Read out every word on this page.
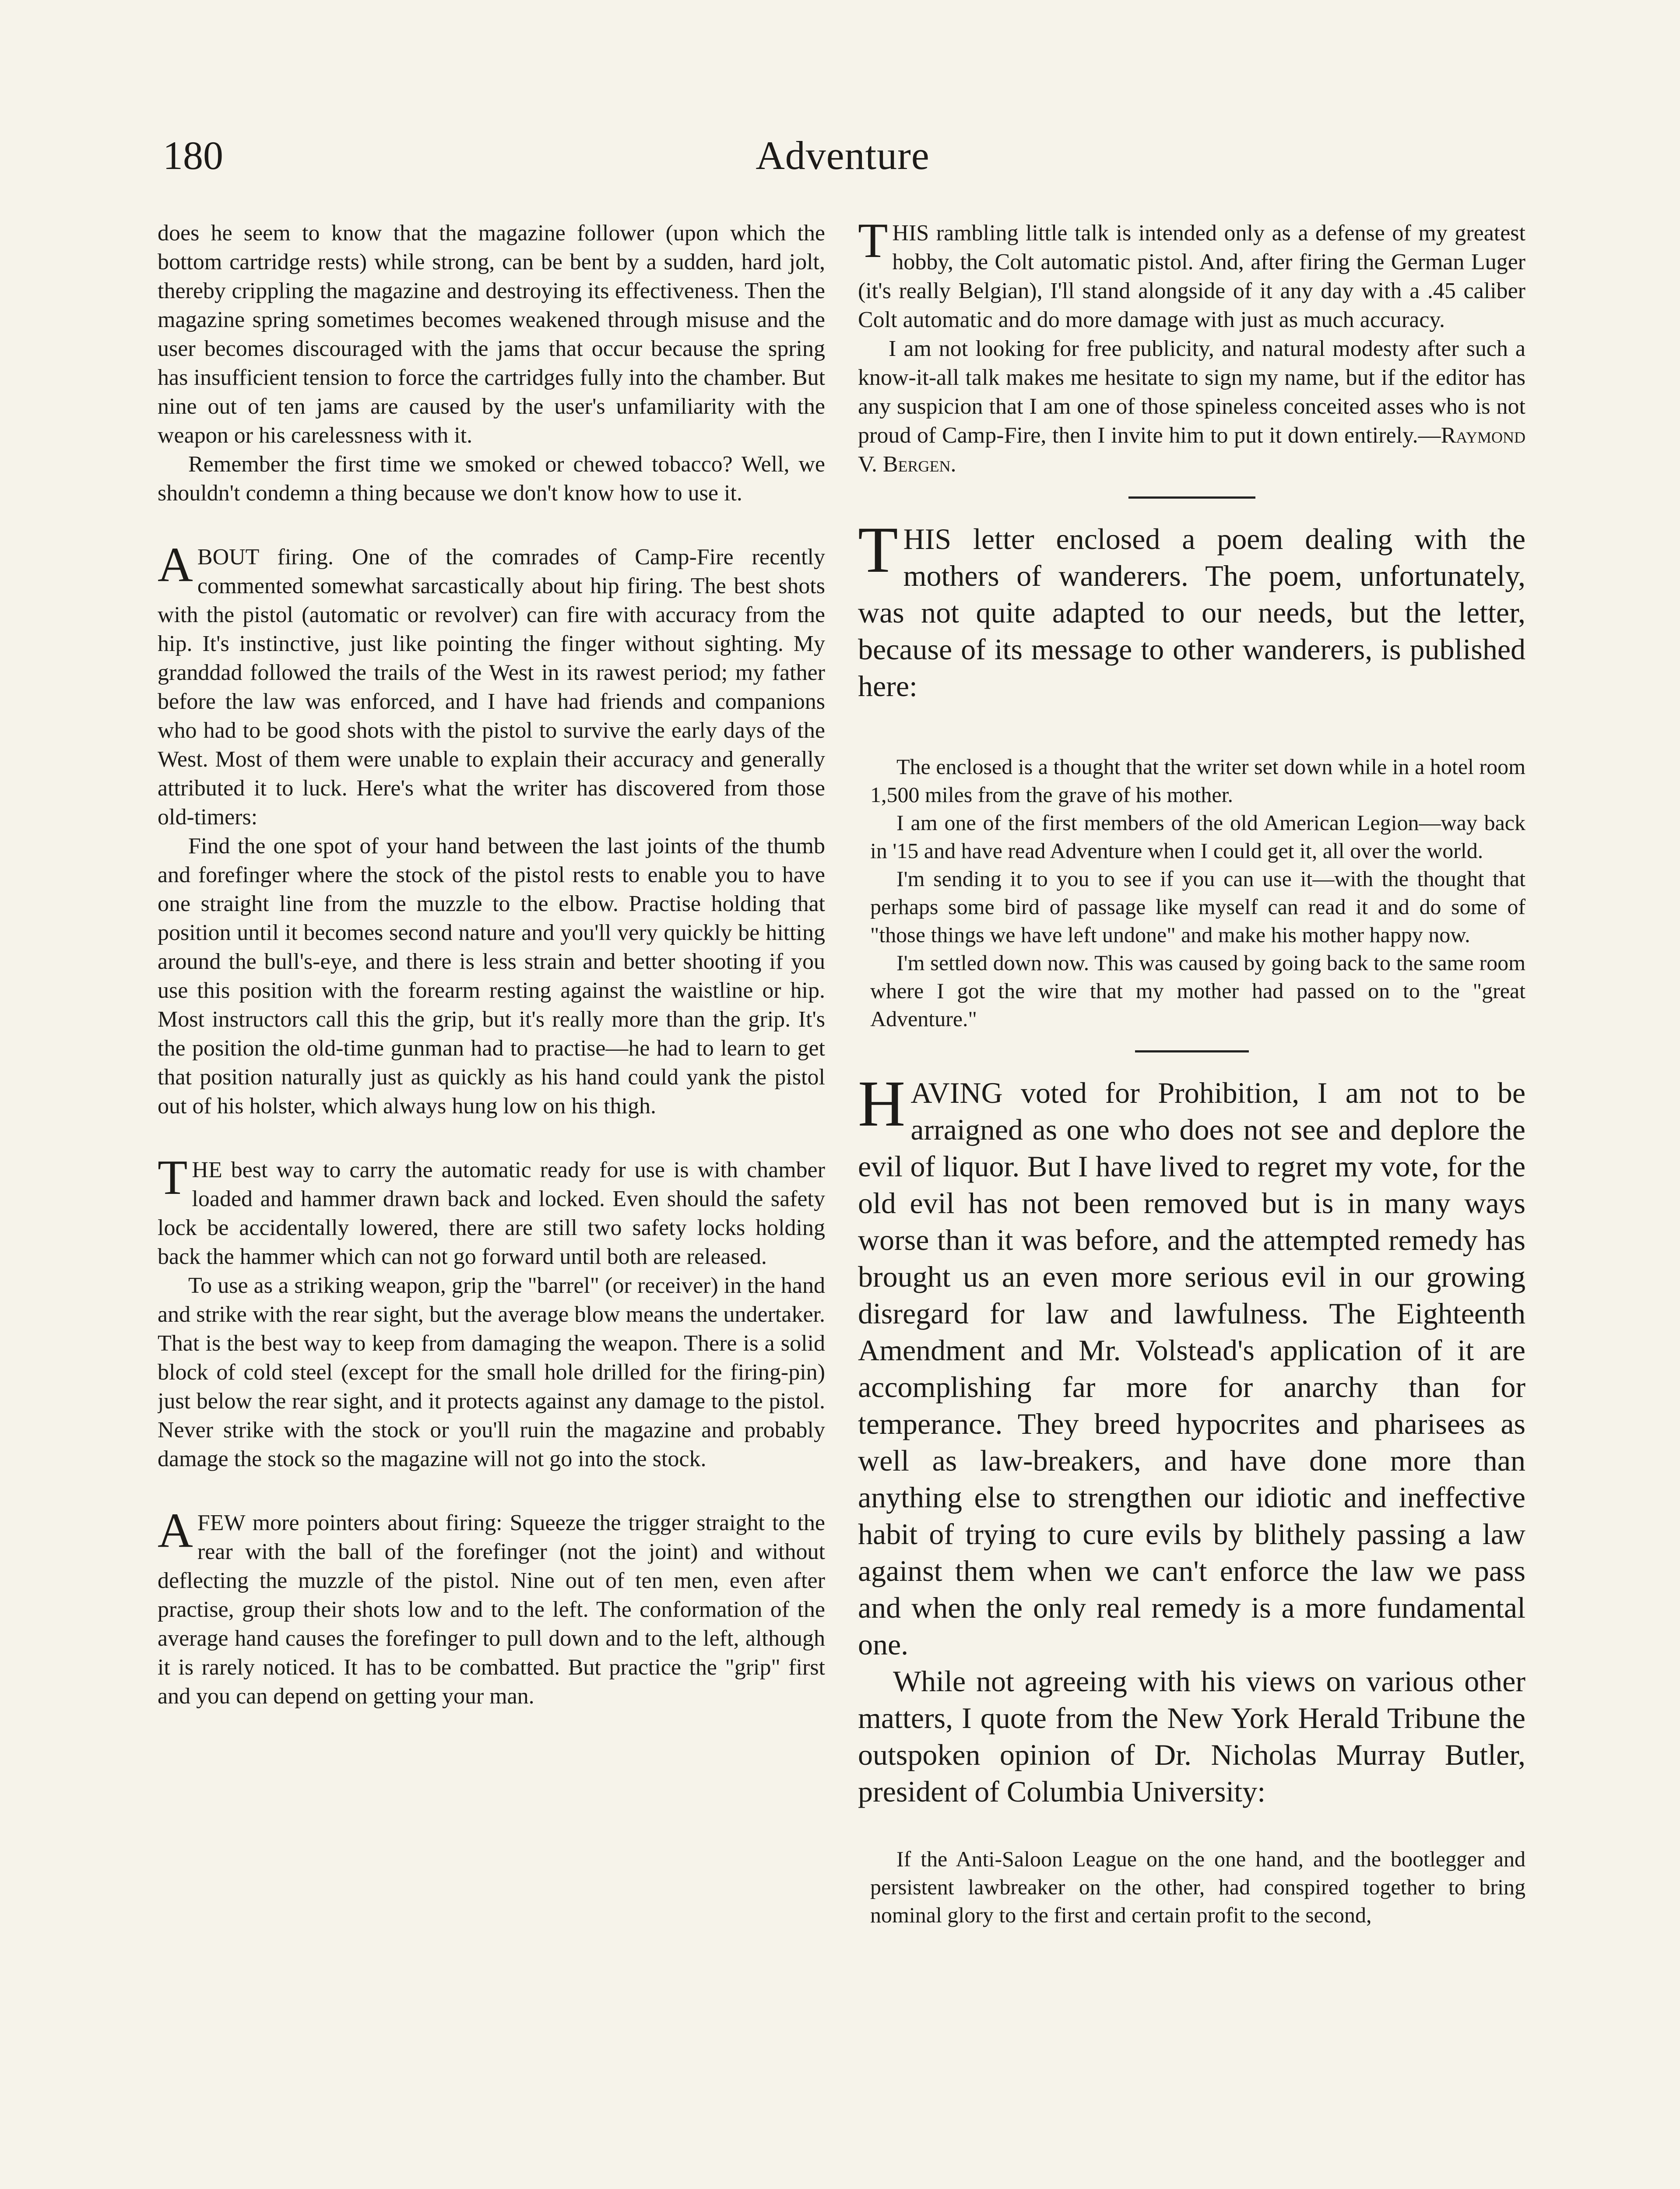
180	Adventure

does he seem to know that the magazine follower (upon which the bottom cartridge rests) while strong, can be bent by a sudden, hard jolt, thereby crippling the magazine and destroying its effectiveness. Then the magazine spring sometimes becomes weakened through misuse and the user becomes discouraged with the jams that occur because the spring has insufficient tension to force the cartridges fully into the chamber. But nine out of ten jams are caused by the user's unfamiliarity with the weapon or his carelessness with it.

Remember the first time we smoked or chewed tobacco? Well, we shouldn't condemn a thing because we don't know how to use it.

ABOUT firing. One of the comrades of Camp-Fire recently commented somewhat sarcastically about hip firing. The best shots with the pistol (automatic or revolver) can fire with accuracy from the hip. It's instinctive, just like pointing the finger without sighting. My granddad followed the trails of the West in its rawest period; my father before the law was enforced, and I have had friends and companions who had to be good shots with the pistol to survive the early days of the West. Most of them were unable to explain their accuracy and generally attributed it to luck. Here's what the writer has discovered from those old-timers:

Find the one spot of your hand between the last joints of the thumb and forefinger where the stock of the pistol rests to enable you to have one straight line from the muzzle to the elbow. Practise holding that position until it becomes second nature and you'll very quickly be hitting around the bull's-eye, and there is less strain and better shooting if you use this position with the forearm resting against the waistline or hip. Most instructors call this the grip, but it's really more than the grip. It's the position the old-time gunman had to practise—he had to learn to get that position naturally just as quickly as his hand could yank the pistol out of his holster, which always hung low on his thigh.

THE best way to carry the automatic ready for use is with chamber loaded and hammer drawn back and locked. Even should the safety lock be accidentally lowered, there are still two safety locks holding back the hammer which can not go forward until both are released.

To use as a striking weapon, grip the "barrel" (or receiver) in the hand and strike with the rear sight, but the average blow means the undertaker. That is the best way to keep from damaging the weapon. There is a solid block of cold steel (except for the small hole drilled for the firing-pin) just below the rear sight, and it protects against any damage to the pistol. Never strike with the stock or you'll ruin the magazine and probably damage the stock so the magazine will not go into the stock.

AFEW more pointers about firing: Squeeze the trigger straight to the rear with the ball of the forefinger (not the joint) and without deflecting the muzzle of the pistol. Nine out of ten men, even after practise, group their shots low and to the left. The conformation of the average hand causes the forefinger to pull down and to the left, although it is rarely noticed. It has to be combatted. But practice the "grip" first and you can depend on getting your man.

THIS rambling little talk is intended only as a defense of my greatest hobby, the Colt automatic pistol. And, after firing the German Luger (it's really Belgian), I'll stand alongside of it any day with a .45 caliber Colt automatic and do more damage with just as much accuracy.

I am not looking for free publicity, and natural modesty after such a know-it-all talk makes me hesitate to sign my name, but if the editor has any suspicion that I am one of those spineless conceited asses who is not proud of Camp-Fire, then I invite him to put it down entirely.—Raymond V. Bergen.

THIS letter enclosed a poem dealing with the mothers of wanderers. The poem, unfortunately, was not quite adapted to our needs, but the letter, because of its message to other wanderers, is published here:

The enclosed is a thought that the writer set down while in a hotel room 1,500 miles from the grave of his mother.

I am one of the first members of the old American Legion—way back in '15 and have read Adventure when I could get it, all over the world.

I'm sending it to you to see if you can use it—with the thought that perhaps some bird of passage like myself can read it and do some of "those things we have left undone" and make his mother happy now.

I'm settled down now. This was caused by going back to the same room where I got the wire that my mother had passed on to the "great Adventure."

HAVING voted for Prohibition, I am not to be arraigned as one who does not see and deplore the evil of liquor. But I have lived to regret my vote, for the old evil has not been removed but is in many ways worse than it was before, and the attempted remedy has brought us an even more serious evil in our growing disregard for law and lawfulness. The Eighteenth Amendment and Mr. Volstead's application of it are accomplishing far more for anarchy than for temperance. They breed hypocrites and pharisees as well as law-breakers, and have done more than anything else to strengthen our idiotic and ineffective habit of trying to cure evils by blithely passing a law against them when we can't enforce the law we pass and when the only real remedy is a more fundamental one.

While not agreeing with his views on various other matters, I quote from the New York Herald Tribune the outspoken opinion of Dr. Nicholas Murray Butler, president of Columbia University:

If the Anti-Saloon League on the one hand, and the bootlegger and persistent lawbreaker on the other, had conspired together to bring nominal glory to the first and certain profit to the second,
